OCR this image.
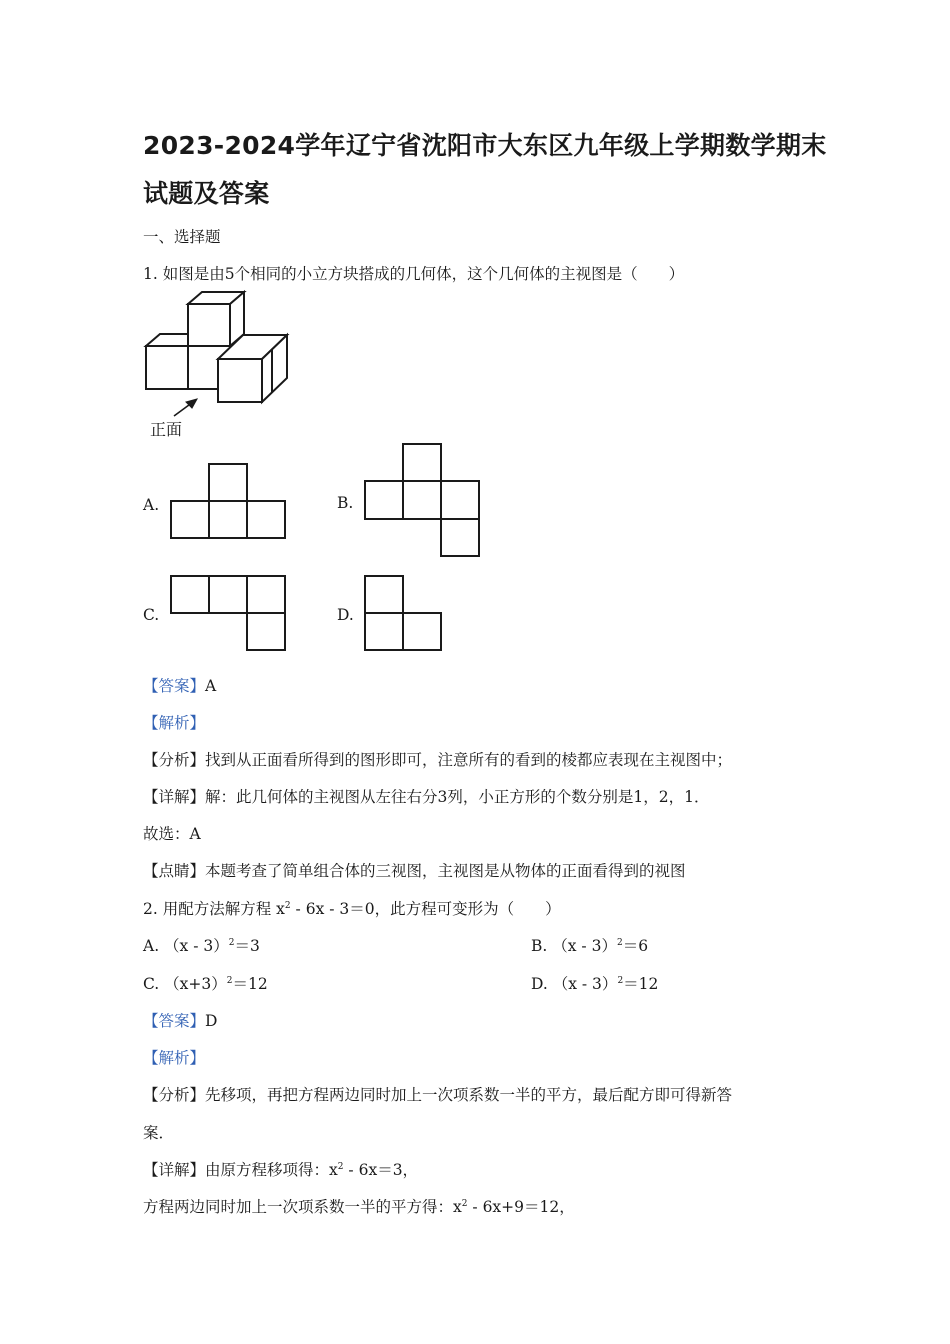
2023-2024学年辽宁省沈阳市大东区九年级上学期数学期末
试题及答案
一、选择题
1. 如图是由5个相同的小立方块搭成的几何体，这个几何体的主视图是（　　）
正面
A.	B.
C.	D.
【答案】A
【解析】
【分析】找到从正面看所得到的图形即可，注意所有的看到的棱都应表现在主视图中；
【详解】解：此几何体的主视图从左往右分3列，小正方形的个数分别是1，2，1．
故选：A
【点睛】本题考查了简单组合体的三视图，主视图是从物体的正面看得到的视图
2. 用配方法解方程 $x^2 - 6x - 3=0$，此方程可变形为（　　）
A. （x - 3）$^2$＝3	B. （x - 3）$^2$＝6
C. $(x+3)^2=12$	D. （x - 3）$^2$＝12
【答案】D
【解析】
【分析】先移项，再把方程两边同时加上一次项系数一半的平方，最后配方即可得新答
案．
【详解】由原方程移项得：$x^2 - 6x=3$，
方程两边同时加上一次项系数一半的平方得：$x^2 - 6x+9=12$，
